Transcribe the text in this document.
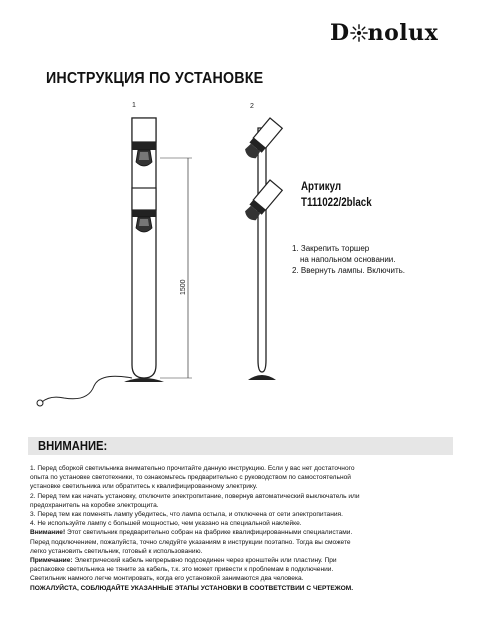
D nolux
ИНСТРУКЦИЯ ПО УСТАНОВКЕ
1	2
1500
Артикул
T111022/2black
1. Закрепить торшер
на напольном основании.
2. Ввернуть лампы. Включить.
ВНИМАНИЕ:
1. Перед сборкой светильника внимательно прочитайте данную инструкцию. Если у вас нет достаточного
опыта по установке светотехники, то ознакомьтесь предварительно с руководством по самостоятельной
установке светильника или обратитесь к квалифицированному электрику.
2. Перед тем как начать установку, отключите электропитание, повернув автоматический выключатель или
предохранитель на коробке электрощита.
3. Перед тем как поменять лампу убедитесь, что лампа остыла, и отключена от сети электропитания.
4. Не используйте лампу с большей мощностью, чем указано на специальной наклейке.
Внимание! Этот светильник предварительно собран на фабрике квалифицированными специалистами.
Перед подключением, пожалуйста, точно следуйте указаниям в инструкции поэтапно. Тогда вы сможете
легко установить светильник, готовый к использованию.
Примечание: Электрический кабель непрерывно подсоединен через кронштейн или пластину. При
распаковке светильника не тяните за кабель, т.к. это может привести к проблемам в подключении.
Светильник намного легче монтировать, когда его установкой занимаются два человека.
ПОЖАЛУЙСТА, СОБЛЮДАЙТЕ УКАЗАННЫЕ ЭТАПЫ УСТАНОВКИ В СООТВЕТСТВИИ С ЧЕРТЕЖОМ.
